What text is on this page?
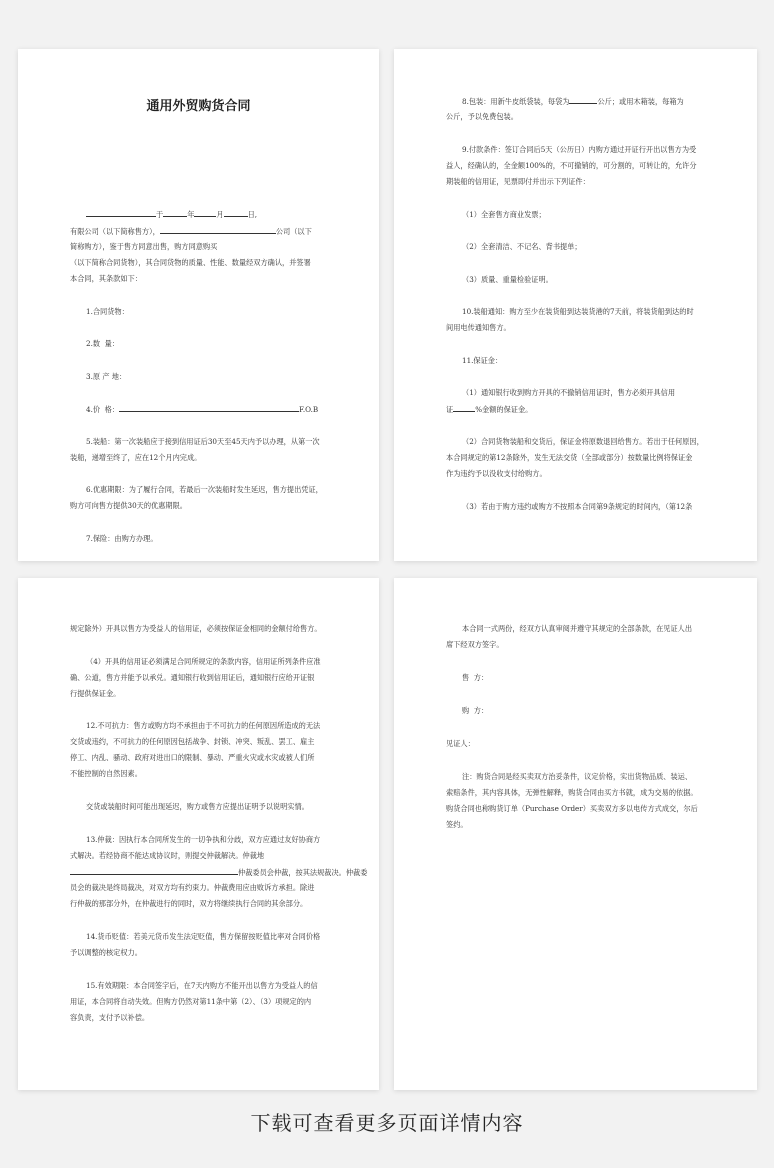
通用外贸购货合同
于	年	月	日,
有限公司（以下简称售方），	公司（以下
简称购方），鉴于售方同意出售，购方同意购买
（以下简称合同货物），其合同货物的质量、性能、数量经双方确认，并签署
本合同，其条款如下：
1.合同货物：
2.数  量：
3.原 产 地：
4.价  格：	F.O.B
5.装船：第一次装船应于接到信用证后30天至45天内予以办理，从第一次
装船，递增至终了，应在12个月内完成。
6.优惠期限：为了履行合同，若最后一次装船时发生延迟，售方提出凭证，
购方可向售方提供30天的优惠期限。
7.保险：由购方办理。
8.包装：用新牛皮纸袋装，每袋为	公斤；或用木箱装，每箱为
公斤，予以免费包装。
9.付款条件：签订合同后5天（公历日）内购方通过开证行开出以售方为受
益人，经确认的，全金额100%的，不可撤销的，可分割的，可转让的，允许分
期装船的信用证，见票即付并出示下列证件：
（1）全套售方商业发票；
（2）全套清洁、不记名、背书提单；
（3）质量、重量检验证明。
10.装船通知：购方至少在装货船到达装货港的7天前，将装货船到达的时
间用电传通知售方。
11.保证金：
（1）通知银行收到购方开具的不撤销信用证时，售方必须开具信用
证	%金额的保证金。
（2）合同货物装船和交货后，保证金将原数退回给售方。若出于任何原因，
本合同规定的第12条除外，发生无法交货（全部或部分）按数量比例将保证金
作为违约予以没收支付给购方。
（3）若由于购方违约或购方不按照本合同第9条规定的时间内，（第12条
规定除外）开具以售方为受益人的信用证，必须按保证金相同的金额付给售方。
（4）开具的信用证必须满足合同所规定的条款内容，信用证所列条件应准
确、公道，售方并能予以承兑。通知银行收到信用证后，通知银行应给开证银
行提供保证金。
12.不可抗力：售方或购方均不承担由于不可抗力的任何原因所造成的无法
交货或违约，不可抗力的任何原因包括战争、封锁、冲突、叛乱、罢工、雇主
停工、内乱、骚动、政府对进出口的限制、暴动、严重火灾或水灾或被人们所
不能控制的自然因素。
交货或装船时间可能出现延迟，购方或售方应提出证明予以说明实情。
13.仲裁：因执行本合同所发生的一切争执和分歧，双方应通过友好协商方
式解决。若经协商不能达成协议时，则提交仲裁解决。仲裁地
仲裁委员会仲裁，按其法规裁决。仲裁委
员会的裁决是终局裁决，对双方均有约束力。仲裁费用应由败诉方承担。除进
行仲裁的那部分外，在仲裁进行的同时，双方将继续执行合同的其余部分。
14.货币贬值：若美元货币发生法定贬值，售方保留按贬值比率对合同价格
予以调整的核定权力。
15.有效期限：本合同签字后，在7天内购方不能开出以售方为受益人的信
用证，本合同将自动失效。但购方仍然对第11条中第（2）、（3）项规定的内
容负责，支付予以补偿。
本合同一式两份，经双方认真审阅并遵守其规定的全部条款，在见证人出
席下经双方签字。
售  方：
购  方：
见证人：
注：购货合同是经买卖双方治妥条件，议定价格，实出货物品质、装运、
索赔条件，其内容具体，无弹性解释，购货合同由买方书就，成为交易的依据。
购货合同也称购货订单（Purchase Order）买卖双方多以电传方式成交，尔后
签约。
下载可查看更多页面详情内容
